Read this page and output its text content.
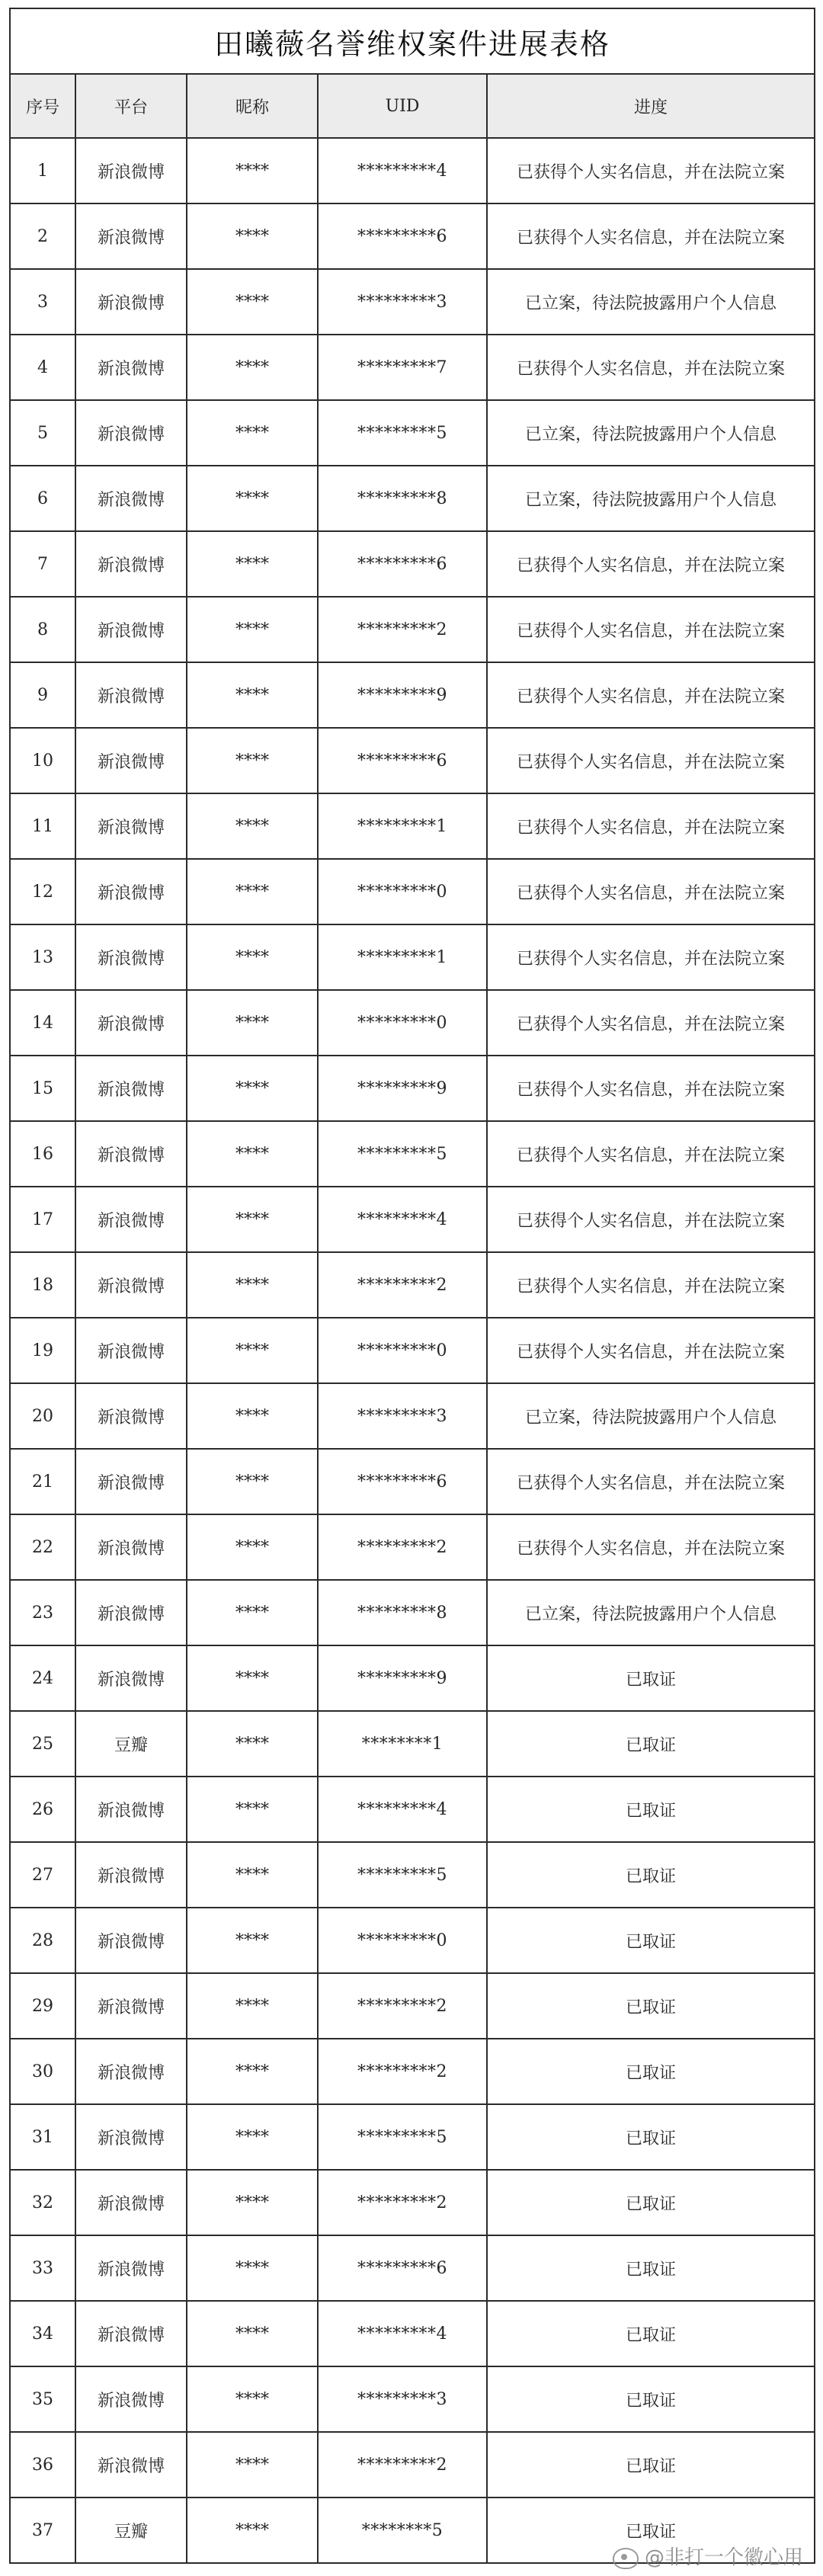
田曦薇名誉维权案件进展表格				
序号	平台	昵称	UID	进度
1	新浪微博	****	*********4	已获得个人实名信息，并在法院立案
2	新浪微博	****	*********6	已获得个人实名信息，并在法院立案
3	新浪微博	****	*********3	已立案，待法院披露用户个人信息
4	新浪微博	****	*********7	已获得个人实名信息，并在法院立案
5	新浪微博	****	*********5	已立案，待法院披露用户个人信息
6	新浪微博	****	*********8	已立案，待法院披露用户个人信息
7	新浪微博	****	*********6	已获得个人实名信息，并在法院立案
8	新浪微博	****	*********2	已获得个人实名信息，并在法院立案
9	新浪微博	****	*********9	已获得个人实名信息，并在法院立案
10	新浪微博	****	*********6	已获得个人实名信息，并在法院立案
11	新浪微博	****	*********1	已获得个人实名信息，并在法院立案
12	新浪微博	****	*********0	已获得个人实名信息，并在法院立案
13	新浪微博	****	*********1	已获得个人实名信息，并在法院立案
14	新浪微博	****	*********0	已获得个人实名信息，并在法院立案
15	新浪微博	****	*********9	已获得个人实名信息，并在法院立案
16	新浪微博	****	*********5	已获得个人实名信息，并在法院立案
17	新浪微博	****	*********4	已获得个人实名信息，并在法院立案
18	新浪微博	****	*********2	已获得个人实名信息，并在法院立案
19	新浪微博	****	*********0	已获得个人实名信息，并在法院立案
20	新浪微博	****	*********3	已立案，待法院披露用户个人信息
21	新浪微博	****	*********6	已获得个人实名信息，并在法院立案
22	新浪微博	****	*********2	已获得个人实名信息，并在法院立案
23	新浪微博	****	*********8	已立案，待法院披露用户个人信息
24	新浪微博	****	*********9	已取证
25	豆瓣	****	********1	已取证
26	新浪微博	****	*********4	已取证
27	新浪微博	****	*********5	已取证
28	新浪微博	****	*********0	已取证
29	新浪微博	****	*********2	已取证
30	新浪微博	****	*********2	已取证
31	新浪微博	****	*********5	已取证
32	新浪微博	****	*********2	已取证
33	新浪微博	****	*********6	已取证
34	新浪微博	****	*********4	已取证
35	新浪微博	****	*********3	已取证
36	新浪微博	****	*********2	已取证
37	豆瓣	****	********5	已取证
@非打一个徽心用
